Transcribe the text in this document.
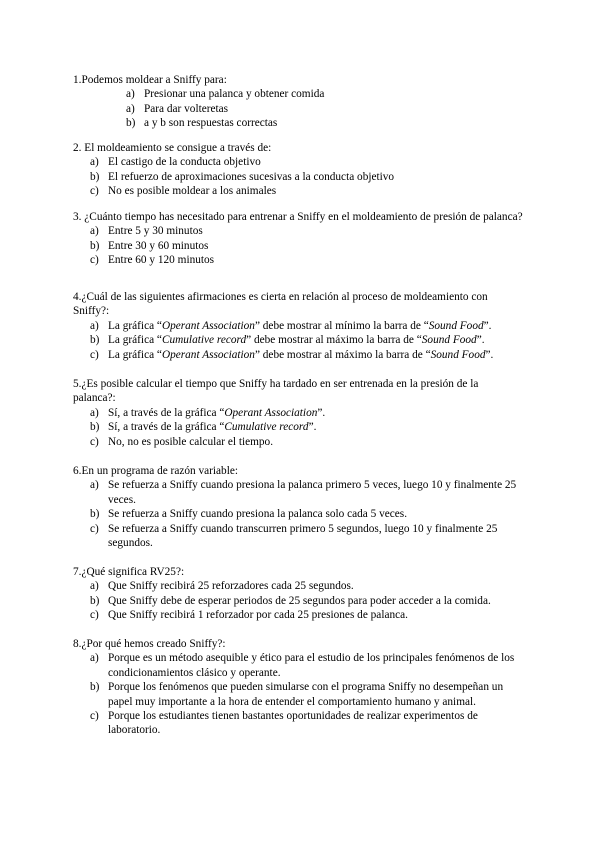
1.Podemos moldear a Sniffy para:

a) Presionar una palanca y obtener comida
a) Para dar volteretas
b) a y b son respuestas correctas

2. El moldeamiento se consigue a través de:

a) El castigo de la conducta objetivo
b) El refuerzo de aproximaciones sucesivas a la conducta objetivo
c) No es posible moldear a los animales

3. ¿Cuánto tiempo has necesitado para entrenar a Sniffy en el moldeamiento de presión de palanca?

a) Entre 5 y 30 minutos
b) Entre 30 y 60 minutos
c) Entre 60 y 120 minutos

4.¿Cuál de las siguientes afirmaciones es cierta en relación al proceso de moldeamiento con Sniffy?:

a) La gráfica “Operant Association” debe mostrar al mínimo la barra de “Sound Food”.
b) La gráfica “Cumulative record” debe mostrar al máximo la barra de “Sound Food”.
c) La gráfica “Operant Association” debe mostrar al máximo la barra de “Sound Food”.

5.¿Es posible calcular el tiempo que Sniffy ha tardado en ser entrenada en la presión de la palanca?:

a) Sí, a través de la gráfica “Operant Association”.
b) Sí, a través de la gráfica “Cumulative record”.
c) No, no es posible calcular el tiempo.

6.En un programa de razón variable:

a) Se refuerza a Sniffy cuando presiona la palanca primero 5 veces, luego 10 y finalmente 25 veces.
b) Se refuerza a Sniffy cuando presiona la palanca solo cada 5 veces.
c) Se refuerza a Sniffy cuando transcurren primero 5 segundos, luego 10 y finalmente 25 segundos.

7.¿Qué significa RV25?:

a) Que Sniffy recibirá 25 reforzadores cada 25 segundos.
b) Que Sniffy debe de esperar periodos de 25 segundos para poder acceder a la comida.
c) Que Sniffy recibirá 1 reforzador por cada 25 presiones de palanca.

8.¿Por qué hemos creado Sniffy?:

a) Porque es un método asequible y ético para el estudio de los principales fenómenos de los condicionamientos clásico y operante.
b) Porque los fenómenos que pueden simularse con el programa Sniffy no desempeñan un papel muy importante a la hora de entender el comportamiento humano y animal.
c) Porque los estudiantes tienen bastantes oportunidades de realizar experimentos de laboratorio.
